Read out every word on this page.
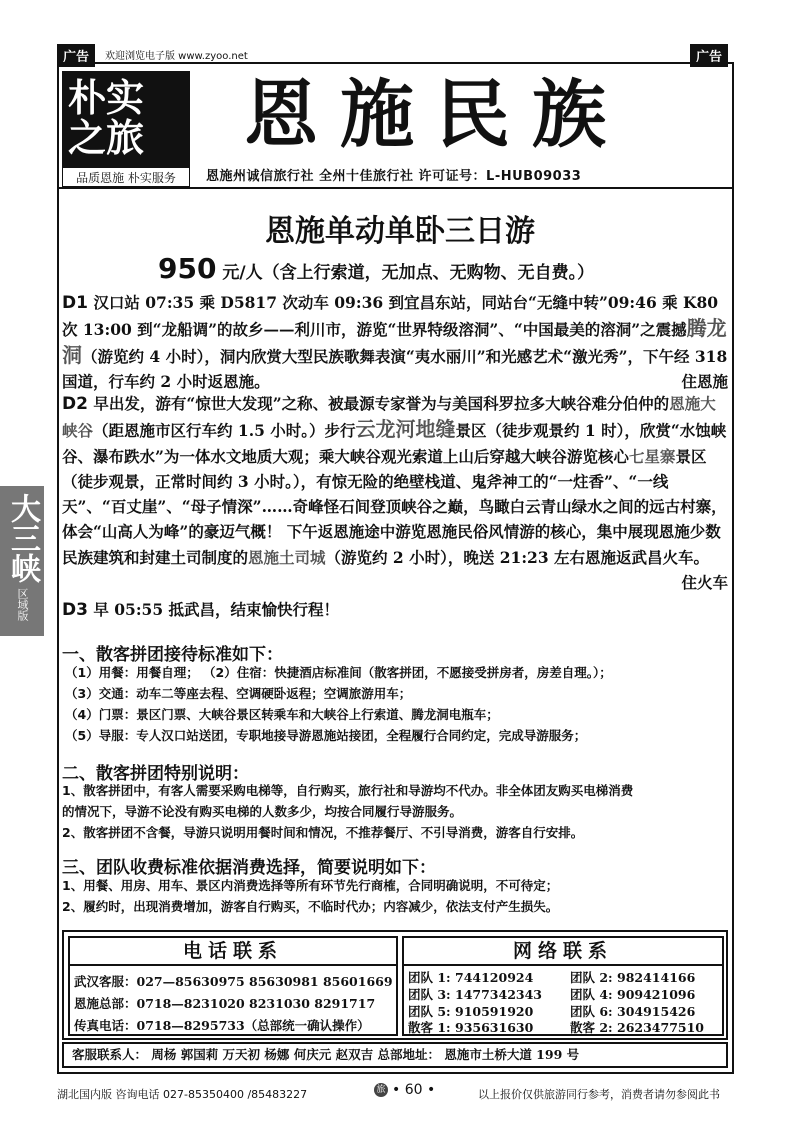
广告	欢迎浏览电子版 www.zyoo.net	广告
朴实
之旅
品质恩施 朴实服务
恩施民族
恩施州诚信旅行社 全州十佳旅行社 许可证号：L-HUB09033
恩施单动单卧三日游
950 元/人（含上行索道，无加点、无购物、无自费。）
D1 汉口站 07:35 乘 D5817 次动车 09:36 到宜昌东站，同站台“无缝中转”09:46 乘 K80 次 13:00 到“龙船调”的故乡——利川市，游览“世界特级溶洞”、“中国最美的溶洞”之震撼腾龙洞（游览约 4 小时），洞内欣赏大型民族歌舞表演“夷水丽川”和光感艺术“激光秀”，下午经 318 国道，行车约 2 小时返恩施。	住恩施
D2 早出发，游有“惊世大发现”之称、被最源专家誉为与美国科罗拉多大峡谷难分伯仲的恩施大峡谷（距恩施市区行车约 1.5 小时。）步行云龙河地缝景区（徒步观景约 1 时），欣赏“水蚀峡谷、瀑布跌水”为一体水文地质大观；乘大峡谷观光索道上山后穿越大峡谷游览核心七星寨景区（徒步观景，正常时间约 3 小时。），有惊无险的绝壁栈道、鬼斧神工的“一炷香”、“一线天”、“百丈崖”、“母子情深”……奇峰怪石间登顶峡谷之巅，鸟瞰白云青山绿水之间的远古村寨，体会“山高人为峰”的豪迈气概！ 下午返恩施途中游览恩施民俗风情游的核心，集中展现恩施少数民族建筑和封建土司制度的恩施土司城（游览约 2 小时），晚送 21:23 左右恩施返武昌火车。
住火车
D3 早 05:55 抵武昌，结束愉快行程！
大三峡
区域版
一、散客拼团接待标准如下：
（1）用餐：用餐自理； （2）住宿：快捷酒店标准间（散客拼团，不愿接受拼房者，房差自理。）；
（3）交通：动车二等座去程、空调硬卧返程；空调旅游用车；
（4）门票：景区门票、大峡谷景区转乘车和大峡谷上行索道、腾龙洞电瓶车；
（5）导服：专人汉口站送团，专职地接导游恩施站接团，全程履行合同约定，完成导游服务；
二、散客拼团特别说明：
1、散客拼团中，有客人需要采购电梯等，自行购买，旅行社和导游均不代办。非全体团友购买电梯消费
的情况下，导游不论没有购买电梯的人数多少，均按合同履行导游服务。
2、散客拼团不含餐，导游只说明用餐时间和情况，不推荐餐厅、不引导消费，游客自行安排。
三、团队收费标准依据消费选择，简要说明如下：
1、用餐、用房、用车、景区内消费选择等所有环节先行商榷，合同明确说明，不可待定；
2、履约时，出现消费增加，游客自行购买，不临时代办；内容减少，依法支付产生损失。
电话联系
武汉客服：027—85630975 85630981 85601669
恩施总部：0718—8231020 8231030 8291717
传真电话：0718—8295733（总部统一确认操作）
网络联系
团队 1: 744120924	团队 2: 982414166
团队 3: 1477342343 团队 4: 909421096
团队 5: 910591920	团队 6: 304915426
散客 1: 935631630	散客 2: 2623477510
客服联系人： 周杨 郭国莉 万天初 杨娜 何庆元 赵双吉 总部地址： 恩施市土桥大道 199 号
湖北国内版 咨询电话 027-85350400 /85483227	旅 • 60 •	以上报价仅供旅游同行参考，消费者请勿参阅此书
